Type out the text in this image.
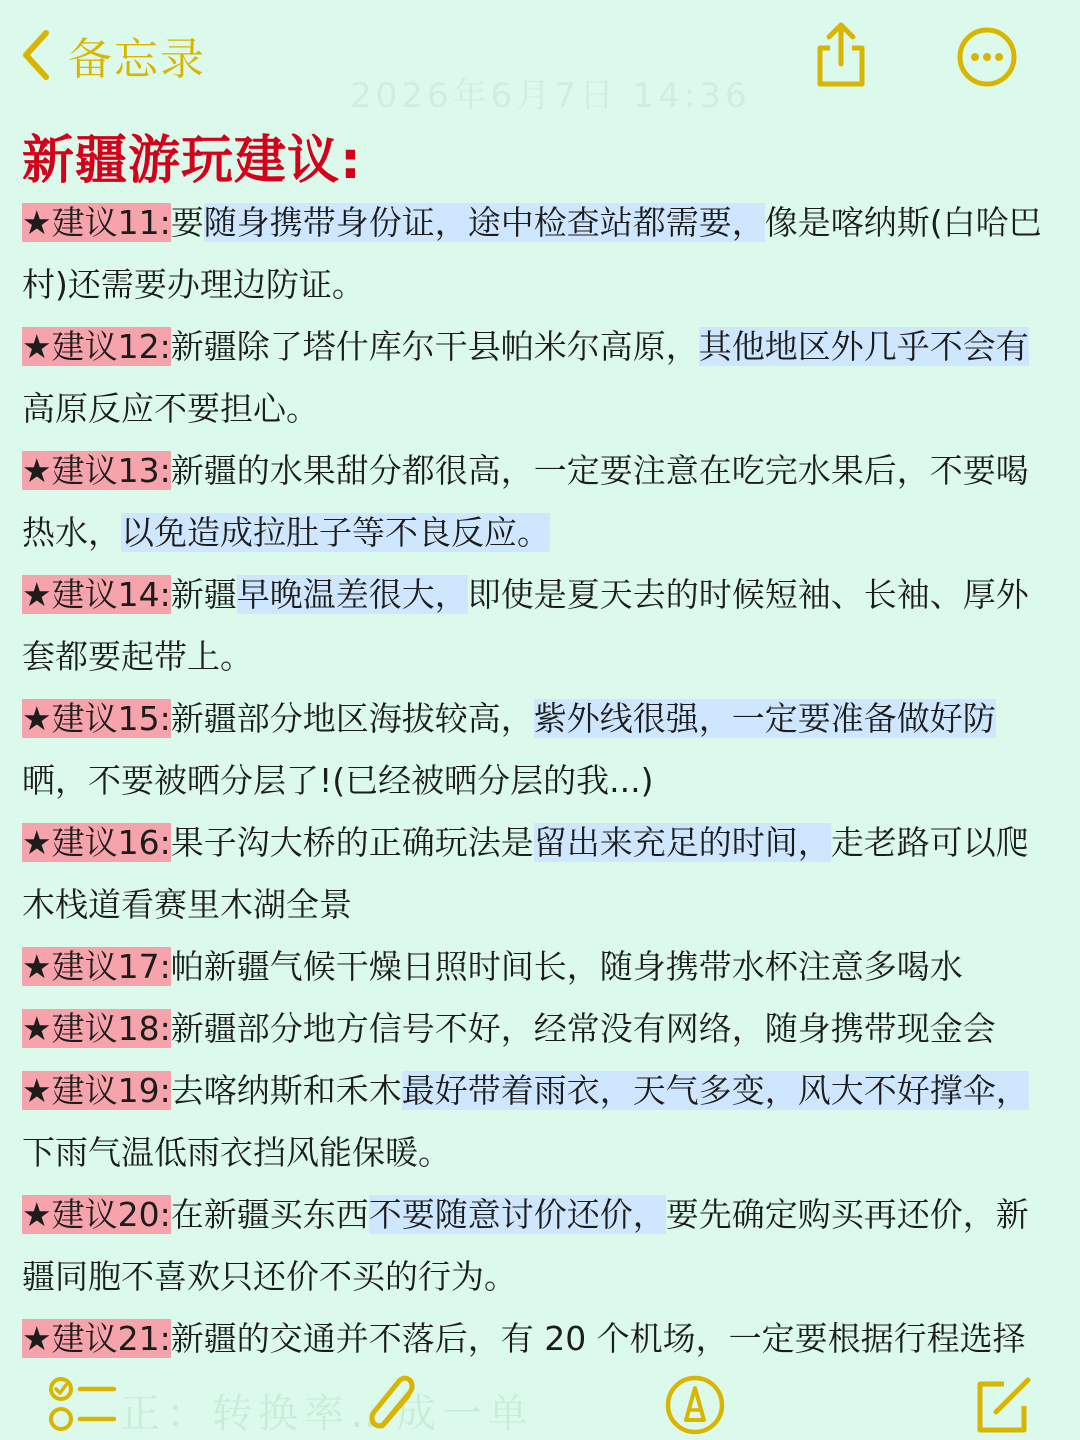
备忘录
2026年6月7日 14:36
新疆游玩建议:

★建议11:要随身携带身份证，途中检查站都需要，像是喀纳斯(白哈巴村)还需要办理边防证。

★建议12:新疆除了塔什库尔干县帕米尔高原，其他地区外几乎不会有高原反应不要担心。

★建议13:新疆的水果甜分都很高，一定要注意在吃完水果后，不要喝热水，以免造成拉肚子等不良反应。

★建议14:新疆早晚温差很大，即使是夏天去的时候短袖、长袖、厚外套都要起带上。

★建议15:新疆部分地区海拔较高，紫外线很强，一定要准备做好防晒，不要被晒分层了!(已经被晒分层的我...)

★建议16:果子沟大桥的正确玩法是留出来充足的时间，走老路可以爬木栈道看赛里木湖全景

★建议17:帕新疆气候干燥日照时间长，随身携带水杯注意多喝水

★建议18:新疆部分地方信号不好，经常没有网络，随身携带现金会

★建议19:去喀纳斯和禾木最好带着雨衣，天气多变，风大不好撑伞，下雨气温低雨衣挡风能保暖。

★建议20:在新疆买东西不要随意讨价还价，要先确定购买再还价，新疆同胞不喜欢只还价不买的行为。

★建议21:新疆的交通并不落后，有 20 个机场，一定要根据行程选择

正：转换率…成一单
